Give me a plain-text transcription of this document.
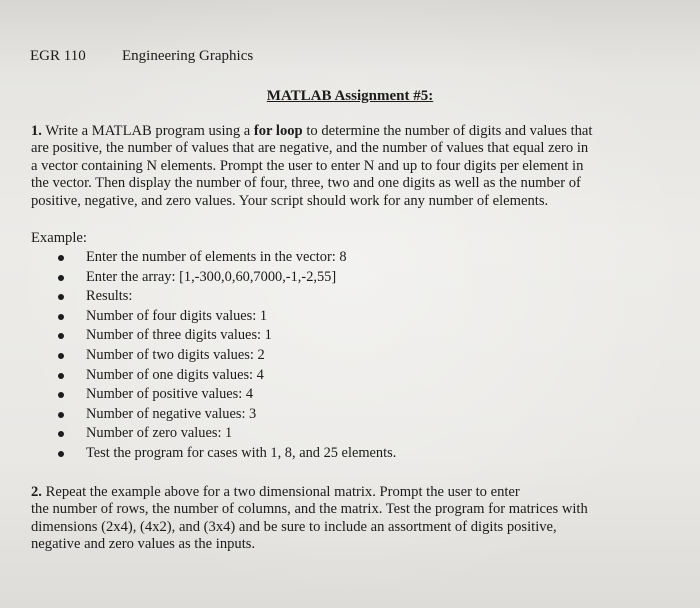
EGR 110 Engineering Graphics
MATLAB Assignment #5:
1. Write a MATLAB program using a for loop to determine the number of digits and values that
are positive, the number of values that are negative, and the number of values that equal zero in
a vector containing N elements. Prompt the user to enter N and up to four digits per element in
the vector. Then display the number of four, three, two and one digits as well as the number of
positive, negative, and zero values. Your script should work for any number of elements.
Example:
Enter the number of elements in the vector: 8
Enter the array: [1,-300,0,60,7000,-1,-2,55]
Results:
Number of four digits values: 1
Number of three digits values: 1
Number of two digits values: 2
Number of one digits values: 4
Number of positive values: 4
Number of negative values: 3
Number of zero values: 1
Test the program for cases with 1, 8, and 25 elements.
2. Repeat the example above for a two dimensional matrix. Prompt the user to enter
the number of rows, the number of columns, and the matrix. Test the program for matrices with
dimensions (2x4), (4x2), and (3x4) and be sure to include an assortment of digits positive,
negative and zero values as the inputs.
